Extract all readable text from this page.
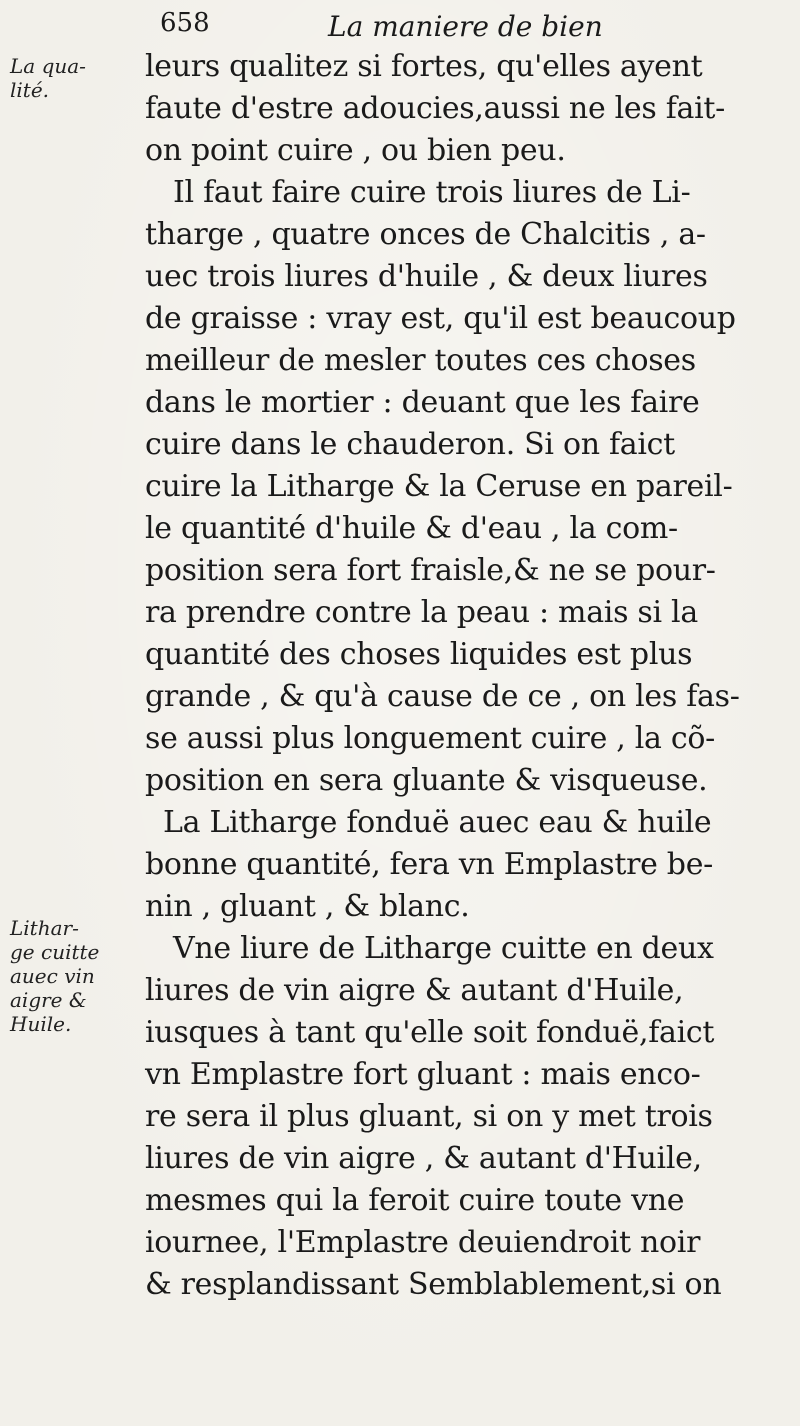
658	La maniere de bien
La qua-
lité.
Lithar-
ge cuitte
auec vin
aigre &
Huile.
leurs qualitez si fortes, qu'elles ayent
faute d'estre adoucies,aussi ne les fait-
on point cuire , ou bien peu.
Il faut faire cuire trois liures de Li-
tharge , quatre onces de Chalcitis , a-
uec trois liures d'huile , & deux liures
de graisse : vray est, qu'il est beaucoup
meilleur de mesler toutes ces choses
dans le mortier : deuant que les faire
cuire dans le chauderon. Si on faict
cuire la Litharge & la Ceruse en pareil-
le quantité d'huile & d'eau , la com-
position sera fort fraisle,& ne se pour-
ra prendre contre la peau : mais si la
quantité des choses liquides est plus
grande , & qu'à cause de ce , on les fas-
se aussi plus longuement cuire , la cõ-
position en sera gluante & visqueuse.
La Litharge fonduë auec eau & huile
bonne quantité, fera vn Emplastre be-
nin , gluant , & blanc.
Vne liure de Litharge cuitte en deux
liures de vin aigre & autant d'Huile,
iusques à tant qu'elle soit fonduë,faict
vn Emplastre fort gluant : mais enco-
re sera il plus gluant, si on y met trois
liures de vin aigre , & autant d'Huile,
mesmes qui la feroit cuire toute vne
iournee, l'Emplastre deuiendroit noir
& resplandissant Semblablement,si on
